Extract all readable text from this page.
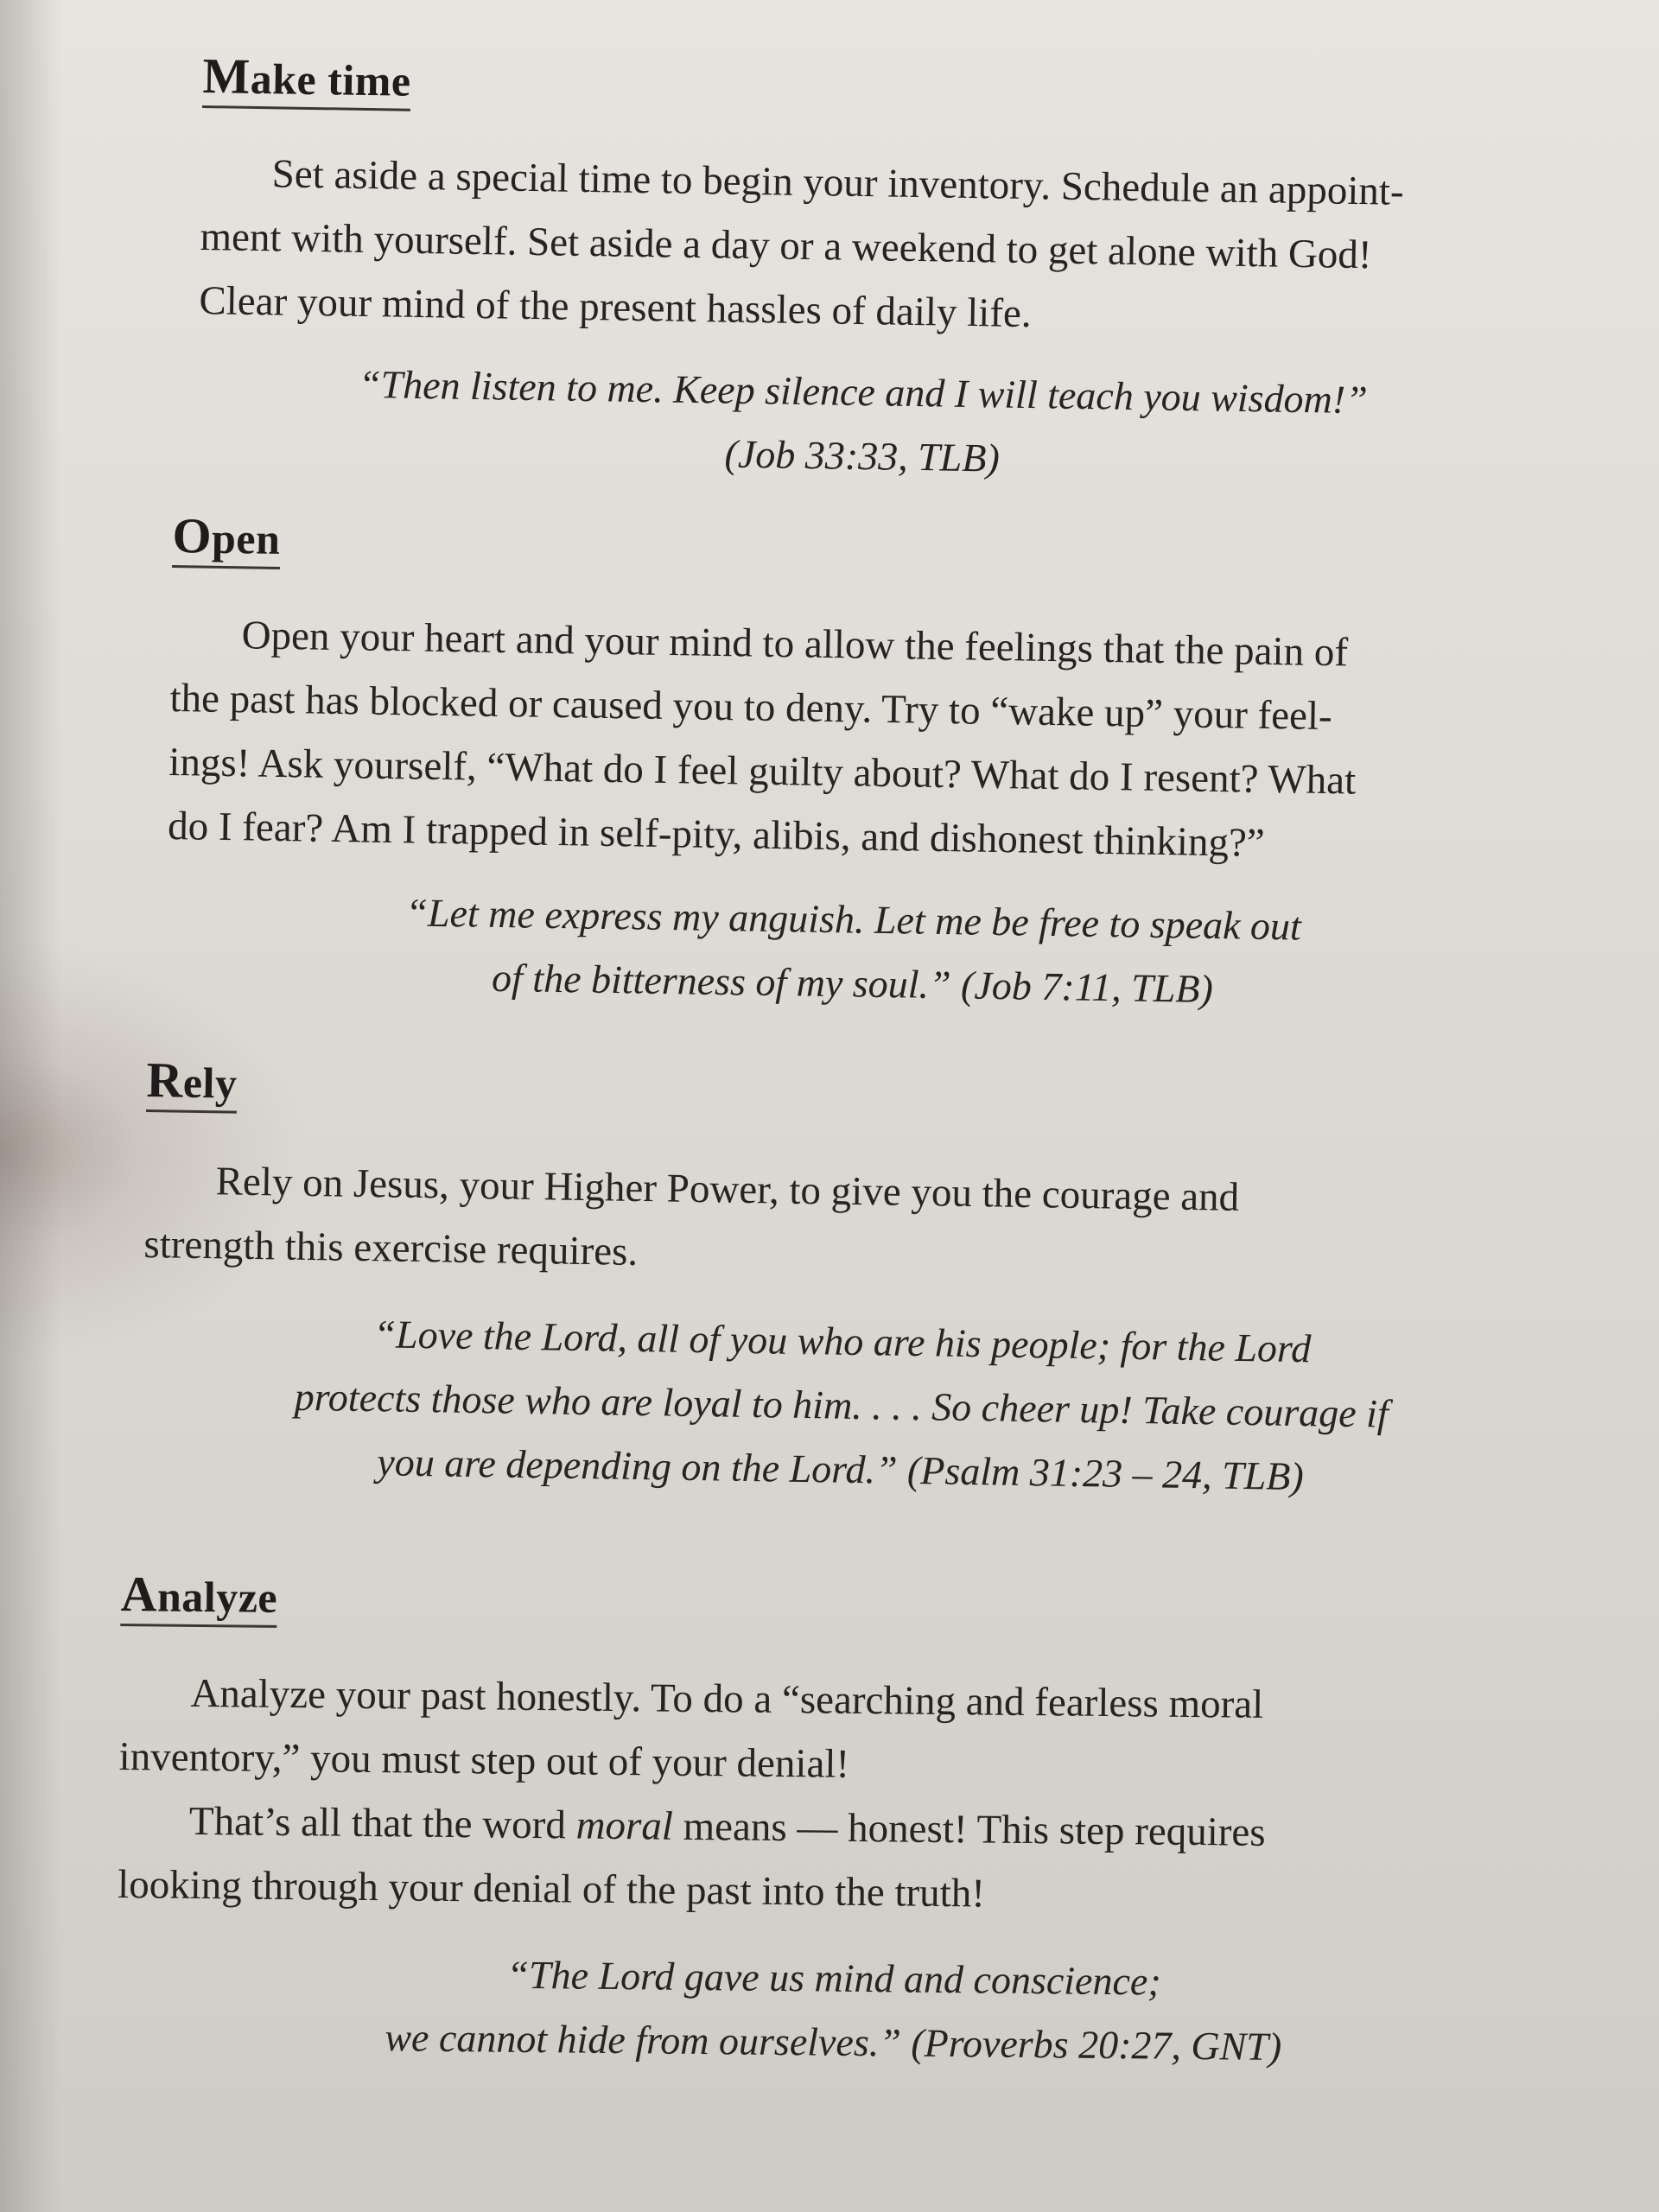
Make time

Set aside a special time to begin your inventory. Schedule an appoint-
ment with yourself. Set aside a day or a weekend to get alone with God!
Clear your mind of the present hassles of daily life.

“Then listen to me. Keep silence and I will teach you wisdom!”
(Job 33:33, TLB)

Open

Open your heart and your mind to allow the feelings that the pain of
the past has blocked or caused you to deny. Try to “wake up” your feel-
ings! Ask yourself, “What do I feel guilty about? What do I resent? What
do I fear? Am I trapped in self-pity, alibis, and dishonest thinking?”

“Let me express my anguish. Let me be free to speak out
of the bitterness of my soul.” (Job 7:11, TLB)

Rely

Rely on Jesus, your Higher Power, to give you the courage and
strength this exercise requires.

“Love the Lord, all of you who are his people; for the Lord
protects those who are loyal to him. . . . So cheer up! Take courage if
you are depending on the Lord.” (Psalm 31:23 – 24, TLB)

Analyze

Analyze your past honestly. To do a “searching and fearless moral
inventory,” you must step out of your denial!
That’s all that the word moral means — honest! This step requires
looking through your denial of the past into the truth!

“The Lord gave us mind and conscience;
we cannot hide from ourselves.” (Proverbs 20:27, GNT)
